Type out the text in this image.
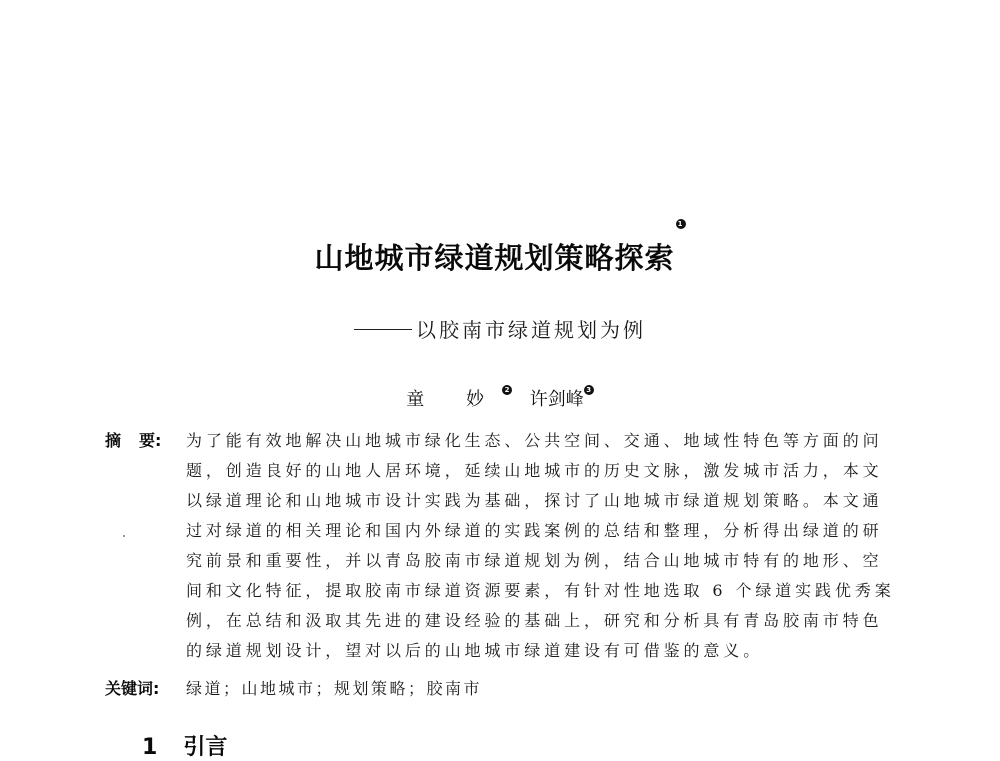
山地城市绿道规划策略探索$^1$
以胶南市绿道规划为例
童 妙 2 许剑峰 3
摘 要: 为了能有效地解决山地城市绿化生态、公共空间、交通、地域性特色等方面的问
题，创造良好的山地人居环境，延续山地城市的历史文脉，激发城市活力，本文
以绿道理论和山地城市设计实践为基础，探讨了山地城市绿道规划策略。本文通
过对绿道的相关理论和国内外绿道的实践案例的总结和整理，分析得出绿道的研
究前景和重要性，并以青岛胶南市绿道规划为例，结合山地城市特有的地形、空
间和文化特征，提取胶南市绿道资源要素，有针对性地选取 6 个绿道实践优秀案
例，在总结和汲取其先进的建设经验的基础上，研究和分析具有青岛胶南市特色
的绿道规划设计，望对以后的山地城市绿道建设有可借鉴的意义。
关键词: 绿道；山地城市；规划策略；胶南市
1 引言
